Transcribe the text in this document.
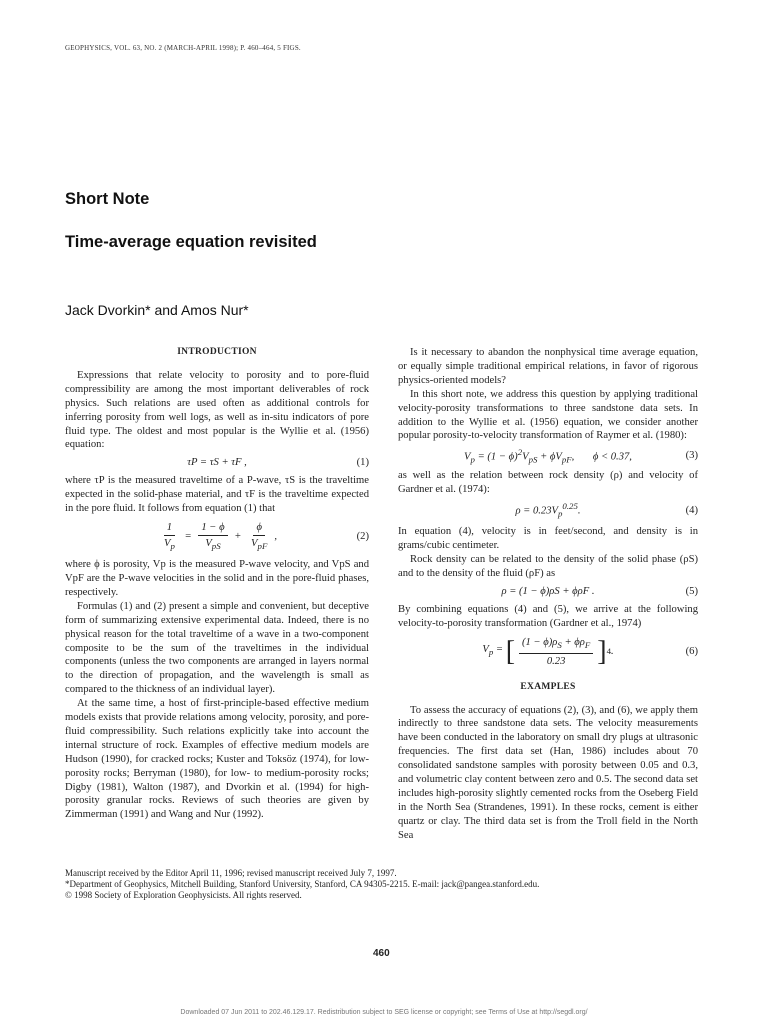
GEOPHYSICS, VOL. 63, NO. 2 (MARCH-APRIL 1998); P. 460–464, 5 FIGS.
Short Note
Time-average equation revisited
Jack Dvorkin* and Amos Nur*
INTRODUCTION

Expressions that relate velocity to porosity and to pore-fluid compressibility are among the most important deliverables of rock physics. Such relations are used often as additional controls for inferring porosity from well logs, as well as in-situ indicators of pore fluid type. The oldest and most popular is the Wyllie et al. (1956) equation:

τP = τS + τF ,	(1)

where τP is the measured traveltime of a P-wave, τS is the traveltime expected in the solid-phase material, and τF is the traveltime expected in the pore fluid. It follows from equation (1) that

$\frac{1}{V_p} = \frac{1 - \phi}{V_{pS}} + \frac{\phi}{V_{pF}}$ ,	(2)

where ϕ is porosity, Vp is the measured P-wave velocity, and VpS and VpF are the P-wave velocities in the solid and in the pore-fluid phases, respectively.

Formulas (1) and (2) present a simple and convenient, but deceptive form of summarizing extensive experimental data. Indeed, there is no physical reason for the total traveltime of a wave in a two-component composite to be the sum of the traveltimes in the individual components (unless the two components are arranged in layers normal to the direction of propagation, and the wavelength is small as compared to the thickness of an individual layer).

At the same time, a host of first-principle-based effective medium models exists that provide relations among velocity, porosity, and pore-fluid compressibility. Such relations explicitly take into account the internal structure of rock. Examples of effective medium models are Hudson (1990), for cracked rocks; Kuster and Toksöz (1974), for low-porosity rocks; Berryman (1980), for low- to medium-porosity rocks; Digby (1981), Walton (1987), and Dvorkin et al. (1994) for high-porosity granular rocks. Reviews of such theories are given by Zimmerman (1991) and Wang and Nur (1992).

Is it necessary to abandon the nonphysical time average equation, or equally simple traditional empirical relations, in favor of rigorous physics-oriented models?

In this short note, we address this question by applying traditional velocity-porosity transformations to three sandstone data sets. In addition to the Wyllie et al. (1956) equation, we consider another popular porosity-to-velocity transformation of Raymer et al. (1980):

$V_p = (1 - \phi)^2V_{pS} + \phi V_{pF}$,       ϕ < 0.37,	(3)

as well as the relation between rock density (ρ) and velocity of Gardner et al. (1974):

$\rho = 0.23V_p^{0.25}$.	(4)

In equation (4), velocity is in feet/second, and density is in grams/cubic centimeter.

Rock density can be related to the density of the solid phase (ρS) and to the density of the fluid (ρF) as

ρ = (1 − ϕ)ρS + ϕρF .	(5)

By combining equations (4) and (5), we arrive at the following velocity-to-porosity transformation (Gardner et al., 1974)

$V_p$ = [ $\frac{(1 - \phi)\rho_S + \phi\rho_F}{0.23}$ ] 4 .	(6)
EXAMPLES

To assess the accuracy of equations (2), (3), and (6), we apply them indirectly to three sandstone data sets. The velocity measurements have been conducted in the laboratory on small dry plugs at ultrasonic frequencies. The first data set (Han, 1986) includes about 70 consolidated sandstone samples with porosity between 0.05 and 0.3, and volumetric clay content between zero and 0.5. The second data set includes high-porosity slightly cemented rocks from the Oseberg Field in the North Sea (Strandenes, 1991). In these rocks, cement is either quartz or clay. The third data set is from the Troll field in the North Sea

Manuscript received by the Editor April 11, 1996; revised manuscript received July 7, 1997.
*Department of Geophysics, Mitchell Building, Stanford University, Stanford, CA 94305-2215. E-mail: jack@pangea.stanford.edu.
© 1998 Society of Exploration Geophysicists. All rights reserved.
460
Downloaded 07 Jun 2011 to 202.46.129.17. Redistribution subject to SEG license or copyright; see Terms of Use at http://segdl.org/
